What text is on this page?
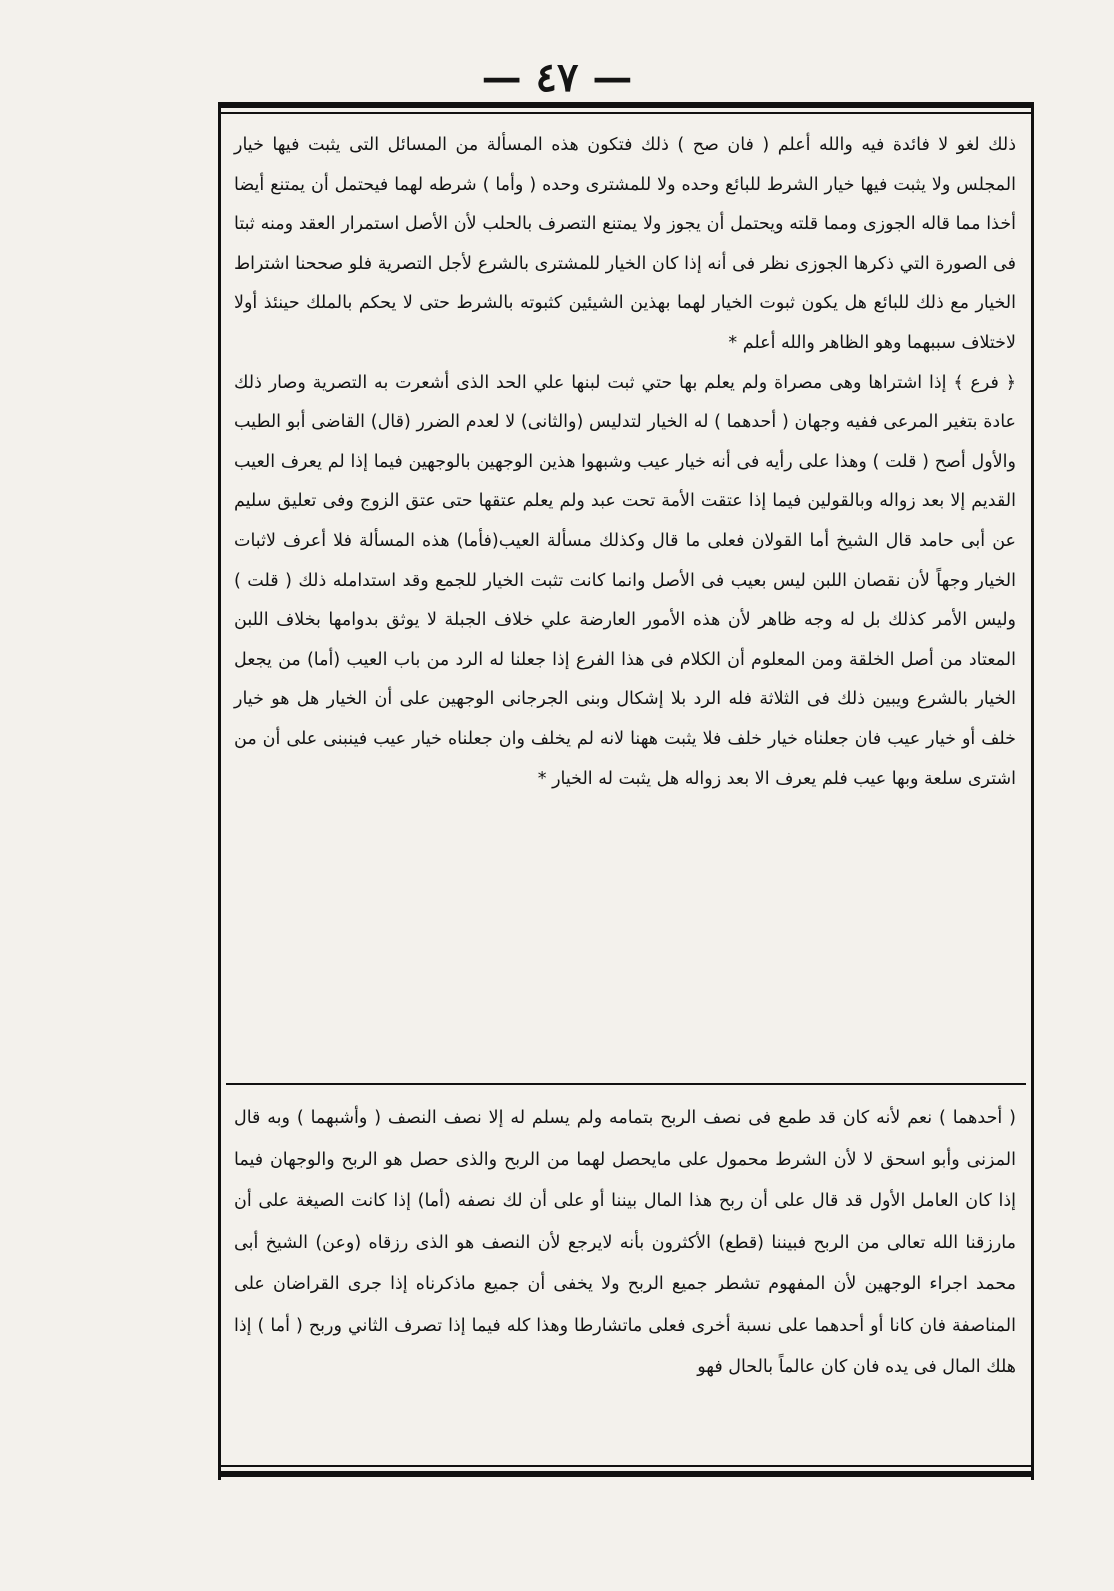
— ٤٧ —

ذلك لغو لا فائدة فيه والله أعلم ( فان صح ) ذلك فتكون هذه المسألة من المسائل التى يثبت فيها خيار المجلس ولا يثبت فيها خيار الشرط للبائع وحده ولا للمشترى وحده ( وأما ) شرطه لهما فيحتمل أن يمتنع أيضا أخذا مما قاله الجوزى ومما قلته ويحتمل أن يجوز ولا يمتنع التصرف بالحلب لأن الأصل استمرار العقد ومنه ثبتا فى الصورة التي ذكرها الجوزى نظر فى أنه إذا كان الخيار للمشترى بالشرع لأجل التصرية فلو صححنا اشتراط الخيار مع ذلك للبائع هل يكون ثبوت الخيار لهما بهذين الشيئين كثبوته بالشرط حتى لا يحكم بالملك حينئذ أولا لاختلاف سببهما وهو الظاهر والله أعلم *

﴿ فرع ﴾ إذا اشتراها وهى مصراة ولم يعلم بها حتي ثبت لبنها علي الحد الذى أشعرت به التصرية وصار ذلك عادة بتغير المرعى ففيه وجهان ( أحدهما ) له الخيار لتدليس (والثانى) لا لعدم الضرر (قال) القاضى أبو الطيب والأول أصح ( قلت ) وهذا على رأيه فى أنه خيار عيب وشبهوا هذين الوجهين بالوجهين فيما إذا لم يعرف العيب القديم إلا بعد زواله وبالقولين فيما إذا عتقت الأمة تحت عبد ولم يعلم عتقها حتى عتق الزوج وفى تعليق سليم عن أبى حامد قال الشيخ أما القولان فعلى ما قال وكذلك مسألة العيب(فأما) هذه المسألة فلا أعرف لاثبات الخيار وجهاً لأن نقصان اللبن ليس بعيب فى الأصل وانما كانت تثبت الخيار للجمع وقد استدامله ذلك ( قلت ) وليس الأمر كذلك بل له وجه ظاهر لأن هذه الأمور العارضة علي خلاف الجبلة لا يوثق بدوامها بخلاف اللبن المعتاد من أصل الخلقة ومن المعلوم أن الكلام فى هذا الفرع إذا جعلنا له الرد من باب العيب (أما) من يجعل الخيار بالشرع ويبين ذلك فى الثلاثة فله الرد بلا إشكال وبنى الجرجانى الوجهين على أن الخيار هل هو خيار خلف أو خيار عيب فان جعلناه خيار خلف فلا يثبت ههنا لانه لم يخلف وان جعلناه خيار عيب فينبنى على أن من اشترى سلعة وبها عيب فلم يعرف الا بعد زواله هل يثبت له الخيار *

( أحدهما ) نعم لأنه كان قد طمع فى نصف الربح بتمامه ولم يسلم له إلا نصف النصف ( وأشبهما ) وبه قال المزنى وأبو اسحق لا لأن الشرط محمول على مايحصل لهما من الربح والذى حصل هو الربح والوجهان فيما إذا كان العامل الأول قد قال على أن ربح هذا المال بيننا أو على أن لك نصفه (أما) إذا كانت الصيغة على أن مارزقنا الله تعالى من الربح فبيننا (قطع) الأكثرون بأنه لايرجع لأن النصف هو الذى رزقاه (وعن) الشيخ أبى محمد اجراء الوجهين لأن المفهوم تشطر جميع الربح ولا يخفى أن جميع ماذكرناه إذا جرى القراضان على المناصفة فان كانا أو أحدهما على نسبة أخرى فعلى ماتشارطا وهذا كله فيما إذا تصرف الثاني وربح ( أما ) إذا هلك المال فى يده فان كان عالماً بالحال فهو
